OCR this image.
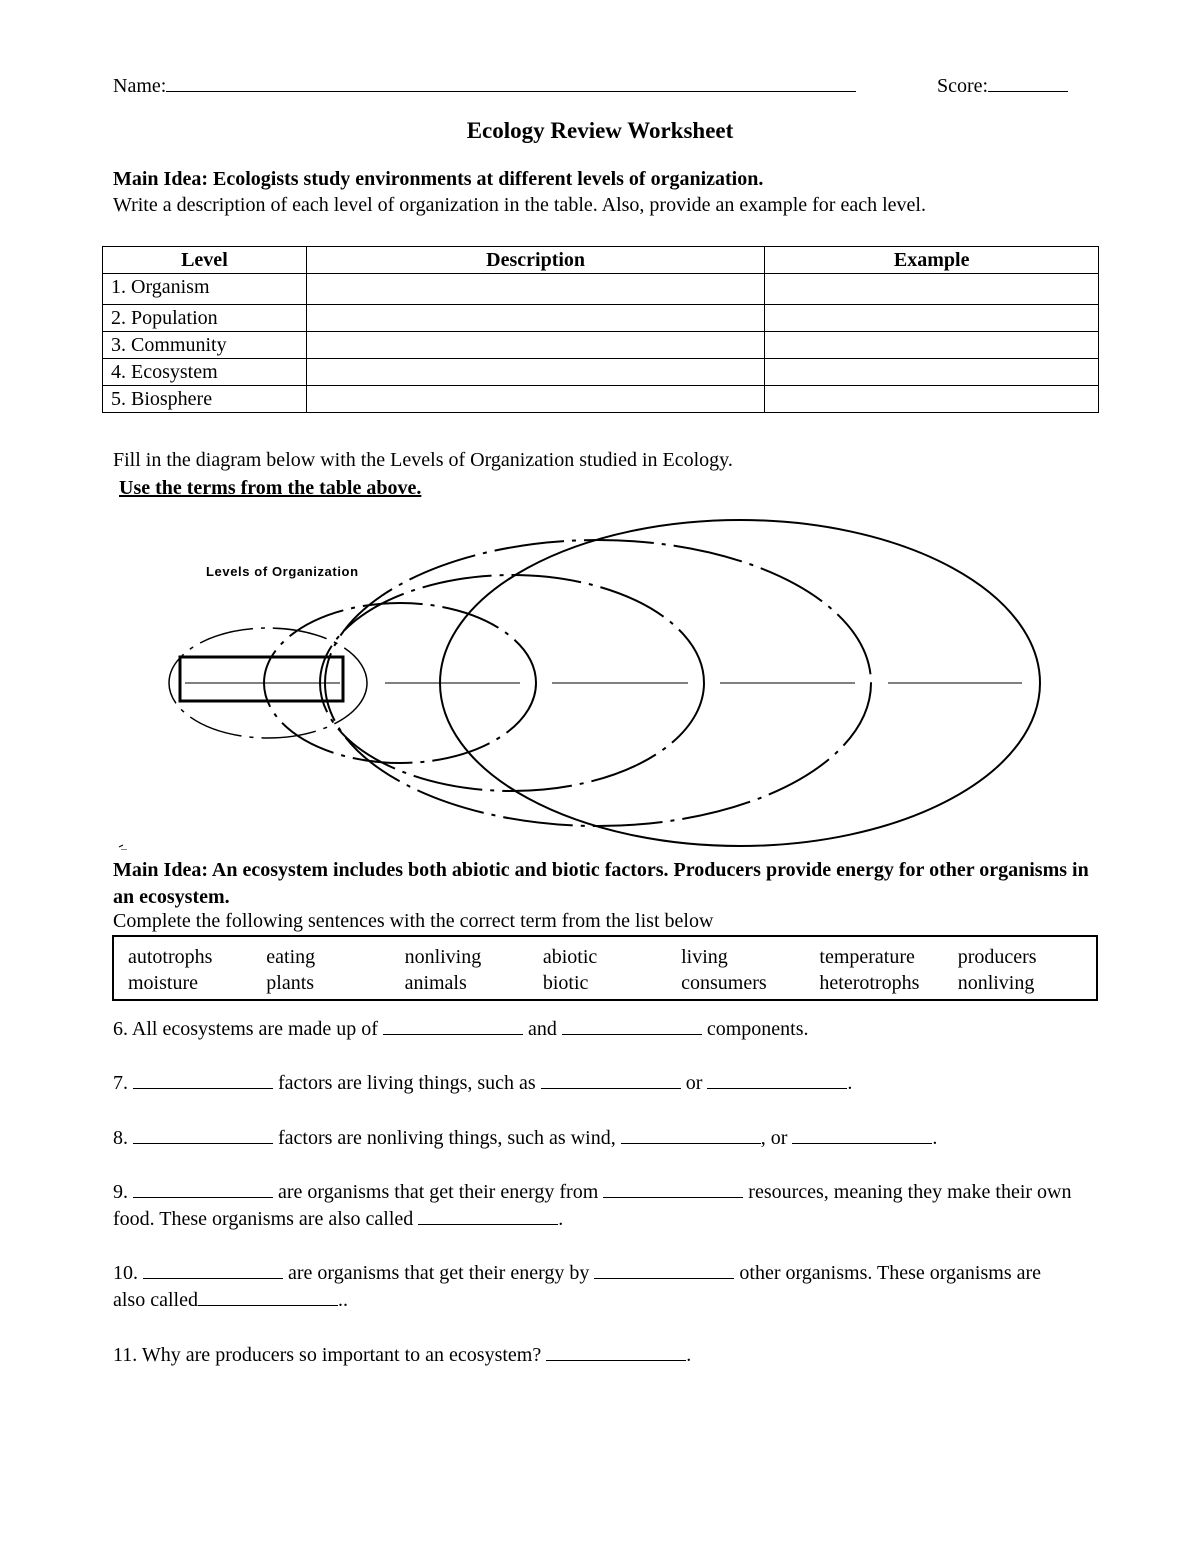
Name:	Score:
Ecology Review Worksheet
Main Idea: Ecologists study environments at different levels of organization.
Write a description of each level of organization in the table. Also, provide an example for each level.
Level	Description	Example
1. Organism		
2. Population		
3. Community		
4. Ecosystem		
5. Biosphere		
Fill in the diagram below with the Levels of Organization studied in Ecology.
Use the terms from the table above.
Levels of Organization
Main Idea: An ecosystem includes both abiotic and biotic factors. Producers provide energy for other organisms in an ecosystem.
Complete the following sentences with the correct term from the list below
autotrophs	eating	nonliving	abiotic	living	temperature	producers
moisture	plants	animals	biotic	consumers	heterotrophs	nonliving
6. All ecosystems are made up of	and	components.
7.	factors are living things, such as	or	.
8.	factors are nonliving things, such as wind,	, or	.
9.	are organisms that get their energy from	resources, meaning they make their own food. These organisms are also called	.
10.	are organisms that get their energy by	other organisms. These organisms are also called	..
11. Why are producers so important to an ecosystem?	.
